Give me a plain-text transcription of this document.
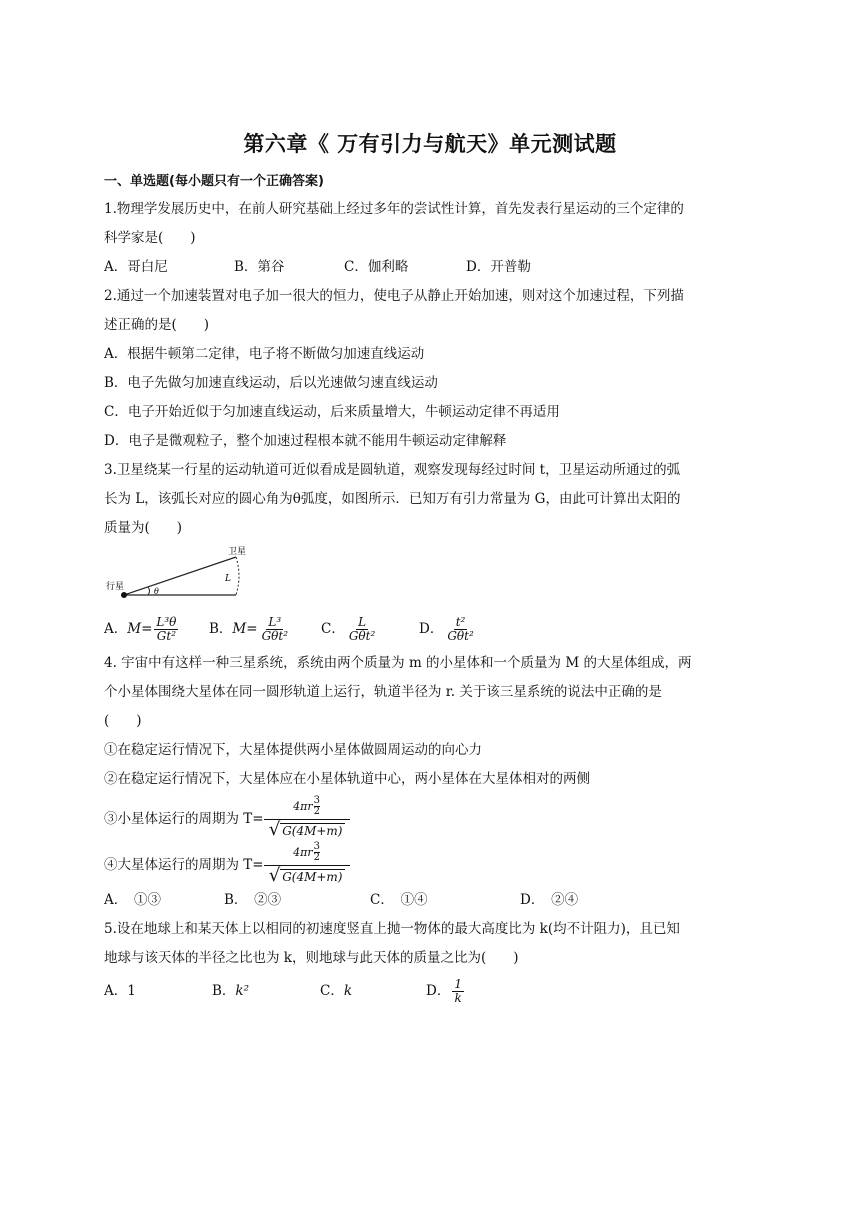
第六章《 万有引力与航天》单元测试题
一、单选题(每小题只有一个正确答案)

1.物理学发展历史中，在前人研究基础上经过多年的尝试性计算，首先发表行星运动的三个定律的

科学家是(　　)

A．哥白尼	B．第谷	C．伽利略	D．开普勒

2.通过一个加速装置对电子加一很大的恒力，使电子从静止开始加速，则对这个加速过程，下列描

述正确的是(　　)

A．根据牛顿第二定律，电子将不断做匀加速直线运动

B．电子先做匀加速直线运动，后以光速做匀速直线运动

C．电子开始近似于匀加速直线运动，后来质量增大，牛顿运动定律不再适用

D．电子是微观粒子，整个加速过程根本就不能用牛顿运动定律解释

3.卫星绕某一行星的运动轨道可近似看成是圆轨道，观察发现每经过时间 t，卫星运动所通过的弧

长为 L，该弧长对应的圆心角为θ弧度，如图所示．已知万有引力常量为 G，由此可计算出太阳的

质量为(　　)

行星
卫星
L
θ
A．$M= \frac{\text{L³θ}}{\text{Gt²}}$ B．$M= \frac{\text{L³}}{\text{Gθt²}}$ C． $\frac{L}{\text{Gθt²}}$	D． $\frac{\text{t²}}{\text{Gθt²}}$

4. 宇宙中有这样一种三星系统，系统由两个质量为 m 的小星体和一个质量为 M 的大星体组成，两

个小星体围绕大星体在同一圆形轨道上运行，轨道半径为 r. 关于该三星系统的说法中正确的是

(　　)

①在稳定运行情况下，大星体提供两小星体做圆周运动的向心力

②在稳定运行情况下，大星体应在小星体轨道中心，两小星体在大星体相对的两侧

③小星体运行的周期为 T=
$4\pi r \frac{3}{2}$
√ G(4M+m)
④大星体运行的周期为 T=
$4\pi r \frac{3}{2}$
√ G(4M+m)
A．　①③	B．　②③	C．　①④	D．　②④

5.设在地球上和某天体上以相同的初速度竖直上抛一物体的最大高度比为 k(均不计阻力)，且已知

地球与该天体的半径之比也为 k，则地球与此天体的质量之比为(　　)

A．1	B．k²	C．k	D． $\frac{1}{k}$
